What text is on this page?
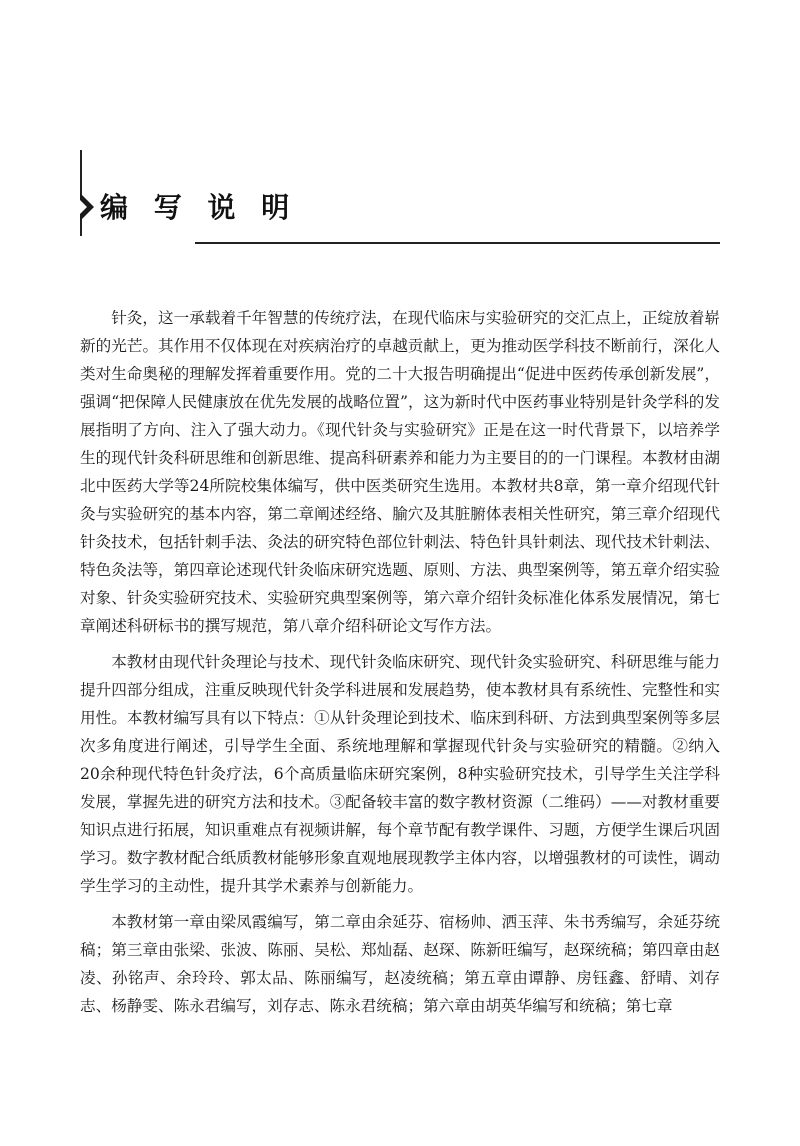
编 写 说 明

针灸，这一承载着千年智慧的传统疗法，在现代临床与实验研究的交汇点上，正绽放着崭新的光芒。其作用不仅体现在对疾病治疗的卓越贡献上，更为推动医学科技不断前行，深化人类对生命奥秘的理解发挥着重要作用。党的二十大报告明确提出“促进中医药传承创新发展”，强调“把保障人民健康放在优先发展的战略位置”，这为新时代中医药事业特别是针灸学科的发展指明了方向、注入了强大动力。《现代针灸与实验研究》正是在这一时代背景下，以培养学生的现代针灸科研思维和创新思维、提高科研素养和能力为主要目的的一门课程。本教材由湖北中医药大学等24所院校集体编写，供中医类研究生选用。本教材共8章，第一章介绍现代针灸与实验研究的基本内容，第二章阐述经络、腧穴及其脏腑体表相关性研究，第三章介绍现代针灸技术，包括针刺手法、灸法的研究特色部位针刺法、特色针具针刺法、现代技术针刺法、特色灸法等，第四章论述现代针灸临床研究选题、原则、方法、典型案例等，第五章介绍实验对象、针灸实验研究技术、实验研究典型案例等，第六章介绍针灸标准化体系发展情况，第七章阐述科研标书的撰写规范，第八章介绍科研论文写作方法。

本教材由现代针灸理论与技术、现代针灸临床研究、现代针灸实验研究、科研思维与能力提升四部分组成，注重反映现代针灸学科进展和发展趋势，使本教材具有系统性、完整性和实用性。本教材编写具有以下特点：①从针灸理论到技术、临床到科研、方法到典型案例等多层次多角度进行阐述，引导学生全面、系统地理解和掌握现代针灸与实验研究的精髓。②纳入20余种现代特色针灸疗法，6个高质量临床研究案例，8种实验研究技术，引导学生关注学科发展，掌握先进的研究方法和技术。③配备较丰富的数字教材资源（二维码）——对教材重要知识点进行拓展，知识重难点有视频讲解，每个章节配有教学课件、习题，方便学生课后巩固学习。数字教材配合纸质教材能够形象直观地展现教学主体内容，以增强教材的可读性，调动学生学习的主动性，提升其学术素养与创新能力。

本教材第一章由梁凤霞编写，第二章由余延芬、宿杨帅、洒玉萍、朱书秀编写，余延芬统稿；第三章由张梁、张波、陈丽、吴松、郑灿磊、赵琛、陈新旺编写，赵琛统稿；第四章由赵凌、孙铭声、余玲玲、郭太品、陈丽编写，赵凌统稿；第五章由谭静、房钰鑫、舒晴、刘存志、杨静雯、陈永君编写，刘存志、陈永君统稿；第六章由胡英华编写和统稿；第七章
